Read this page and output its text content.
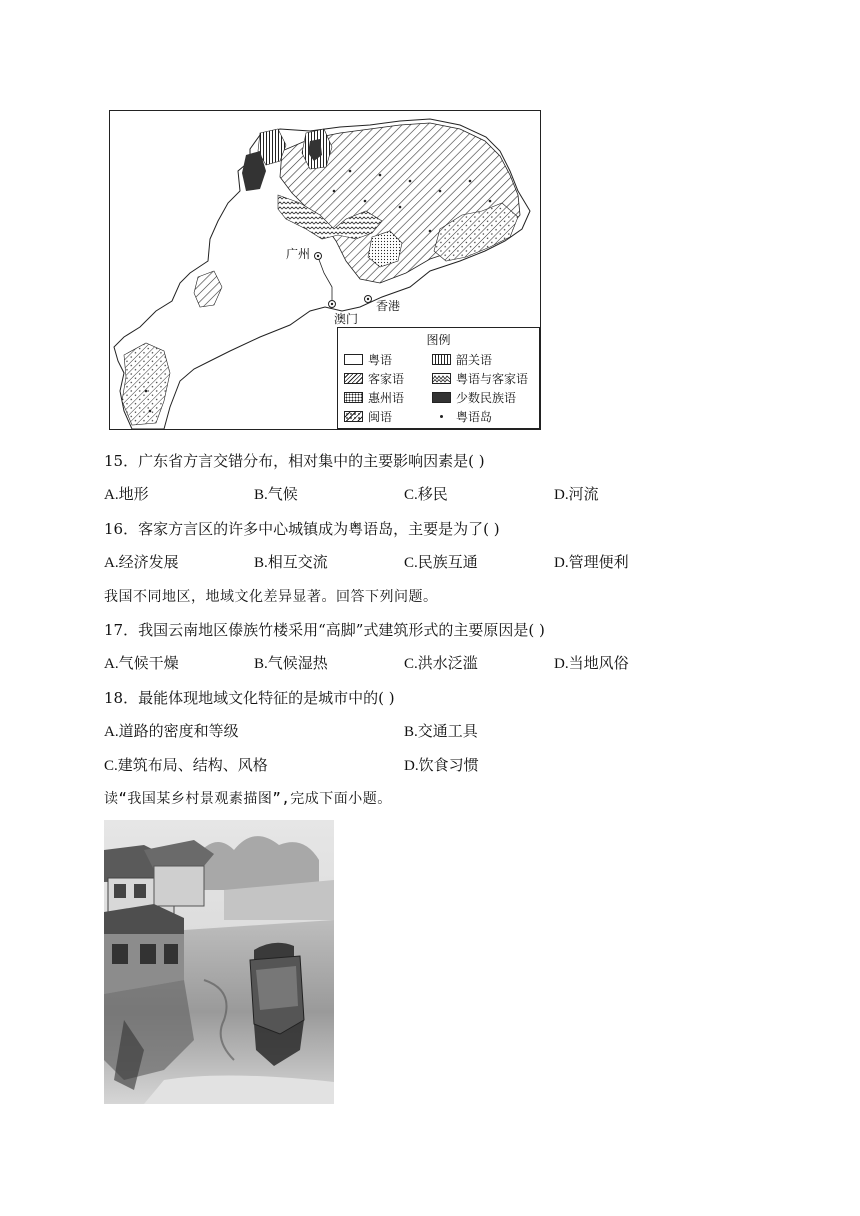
广州
澳门
香港
图例
粤语	韶关语
客家语	粤语与客家语
惠州语	少数民族语
闽语	粤语岛
15．广东省方言交错分布，相对集中的主要影响因素是( )
A.地形	B.气候	C.移民	D.河流
16．客家方言区的许多中心城镇成为粤语岛，主要是为了( )
A.经济发展	B.相互交流	C.民族互通	D.管理便利
我国不同地区，地域文化差异显著。回答下列问题。
17．我国云南地区傣族竹楼采用“高脚”式建筑形式的主要原因是( )
A.气候干燥	B.气候湿热	C.洪水泛滥	D.当地风俗
18．最能体现地域文化特征的是城市中的( )
A.道路的密度和等级	B.交通工具
C.建筑布局、结构、风格	D.饮食习惯
读“我国某乡村景观素描图”,完成下面小题。
